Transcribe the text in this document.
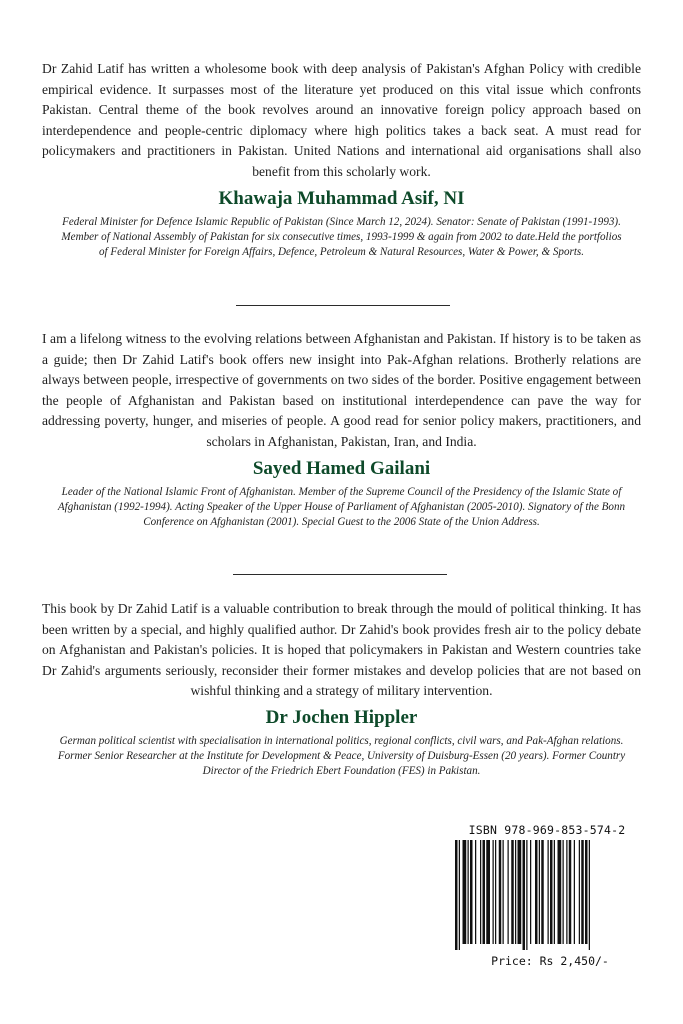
Dr Zahid Latif has written a wholesome book with deep analysis of Pakistan's Afghan Policy with credible empirical evidence. It surpasses most of the literature yet produced on this vital issue which confronts Pakistan. Central theme of the book revolves around an innovative foreign policy approach based on interdependence and people-centric diplomacy where high politics takes a back seat. A must read for policymakers and practitioners in Pakistan. United Nations and international aid organisations shall also benefit from this scholarly work.

Khawaja Muhammad Asif, NI

Federal Minister for Defence Islamic Republic of Pakistan (Since March 12, 2024). Senator: Senate of Pakistan (1991-1993). Member of National Assembly of Pakistan for six consecutive times, 1993-1999 & again from 2002 to date.Held the portfolios of Federal Minister for Foreign Affairs, Defence, Petroleum & Natural Resources, Water & Power, & Sports.

I am a lifelong witness to the evolving relations between Afghanistan and Pakistan. If history is to be taken as a guide; then Dr Zahid Latif's book offers new insight into Pak-Afghan relations. Brotherly relations are always between people, irrespective of governments on two sides of the border. Positive engagement between the people of Afghanistan and Pakistan based on institutional interdependence can pave the way for addressing poverty, hunger, and miseries of people. A good read for senior policy makers, practitioners, and scholars in Afghanistan, Pakistan, Iran, and India.

Sayed Hamed Gailani

Leader of the National Islamic Front of Afghanistan. Member of the Supreme Council of the Presidency of the Islamic State of Afghanistan (1992-1994). Acting Speaker of the Upper House of Parliament of Afghanistan (2005-2010). Signatory of the Bonn Conference on Afghanistan (2001). Special Guest to the 2006 State of the Union Address.

This book by Dr Zahid Latif is a valuable contribution to break through the mould of political thinking. It has been written by a special, and highly qualified author. Dr Zahid's book provides fresh air to the policy debate on Afghanistan and Pakistan's policies. It is hoped that policymakers in Pakistan and Western countries take Dr Zahid's arguments seriously, reconsider their former mistakes and develop policies that are not based on wishful thinking and a strategy of military intervention.

Dr Jochen Hippler

German political scientist with specialisation in international politics, regional conflicts, civil wars, and Pak-Afghan relations. Former Senior Researcher at the Institute for Development & Peace, University of Duisburg-Essen (20 years). Former Country Director of the Friedrich Ebert Foundation (FES) in Pakistan.

ISBN 978-969-853-574-2
Price: Rs 2,450/-
